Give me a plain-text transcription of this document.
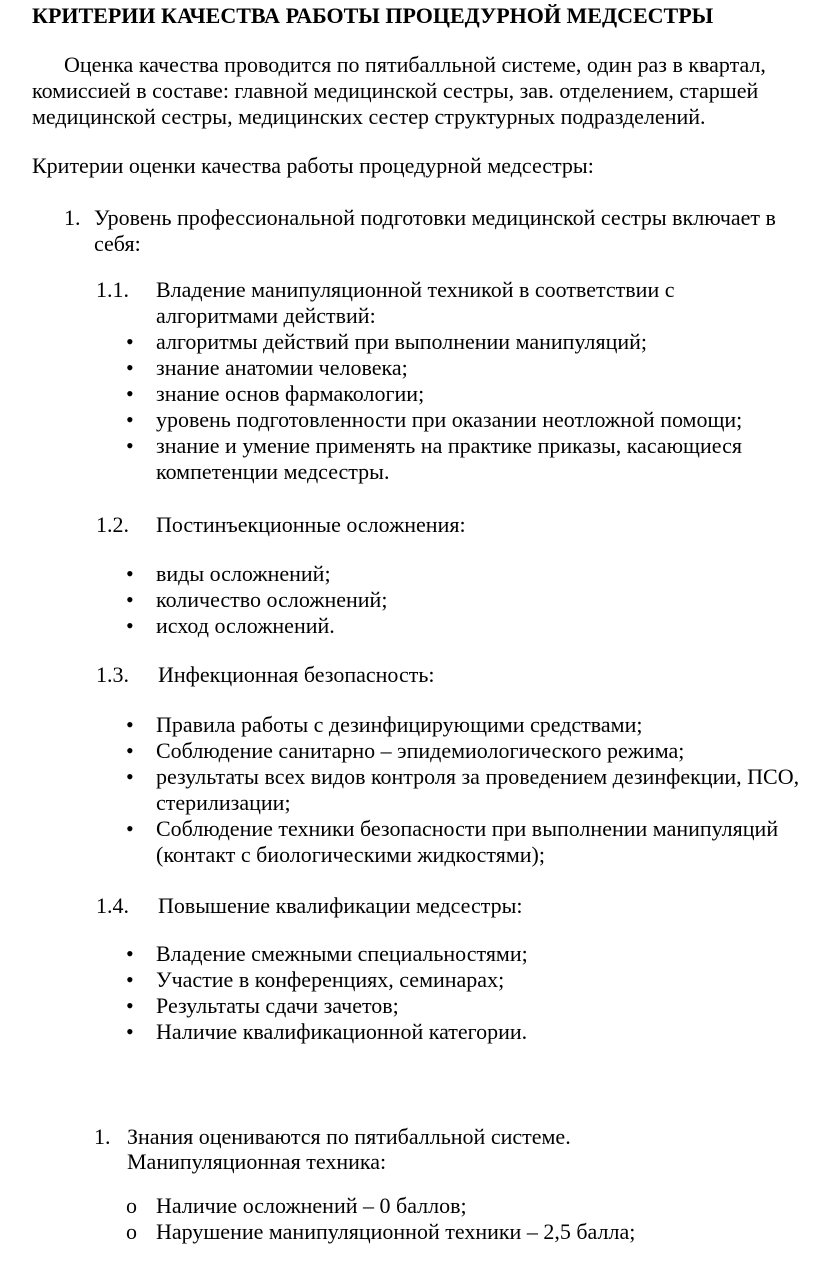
КРИТЕРИИ КАЧЕСТВА РАБОТЫ ПРОЦЕДУРНОЙ МЕДСЕСТРЫ

Оценка качества проводится по пятибалльной системе, один раз в квартал, комиссией в составе: главной медицинской сестры, зав. отделением, старшей медицинской сестры, медицинских сестер структурных подразделений.

Критерии оценки качества работы процедурной медсестры:

1. Уровень профессиональной подготовки медицинской сестры включает в себя:
1.1. Владение манипуляционной техникой в соответствии с алгоритмами действий:
• алгоритмы действий при выполнении манипуляций;
• знание анатомии человека;
• знание основ фармакологии;
• уровень подготовленности при оказании неотложной помощи;
• знание и умение применять на практике приказы, касающиеся компетенции медсестры.
1.2. Постинъекционные осложнения:
• виды осложнений;
• количество осложнений;
• исход осложнений.
1.3. Инфекционная безопасность:
• Правила работы с дезинфицирующими средствами;
• Соблюдение санитарно – эпидемиологического режима;
• результаты всех видов контроля за проведением дезинфекции, ПСО, стерилизации;
• Соблюдение техники безопасности при выполнении манипуляций (контакт с биологическими жидкостями);
1.4. Повышение квалификации медсестры:
• Владение смежными специальностями;
• Участие в конференциях, семинарах;
• Результаты сдачи зачетов;
• Наличие квалификационной категории.
1. Знания оцениваются по пятибалльной системе.
Манипуляционная техника:
o Наличие осложнений – 0 баллов;
o Нарушение манипуляционной техники – 2,5 балла;
